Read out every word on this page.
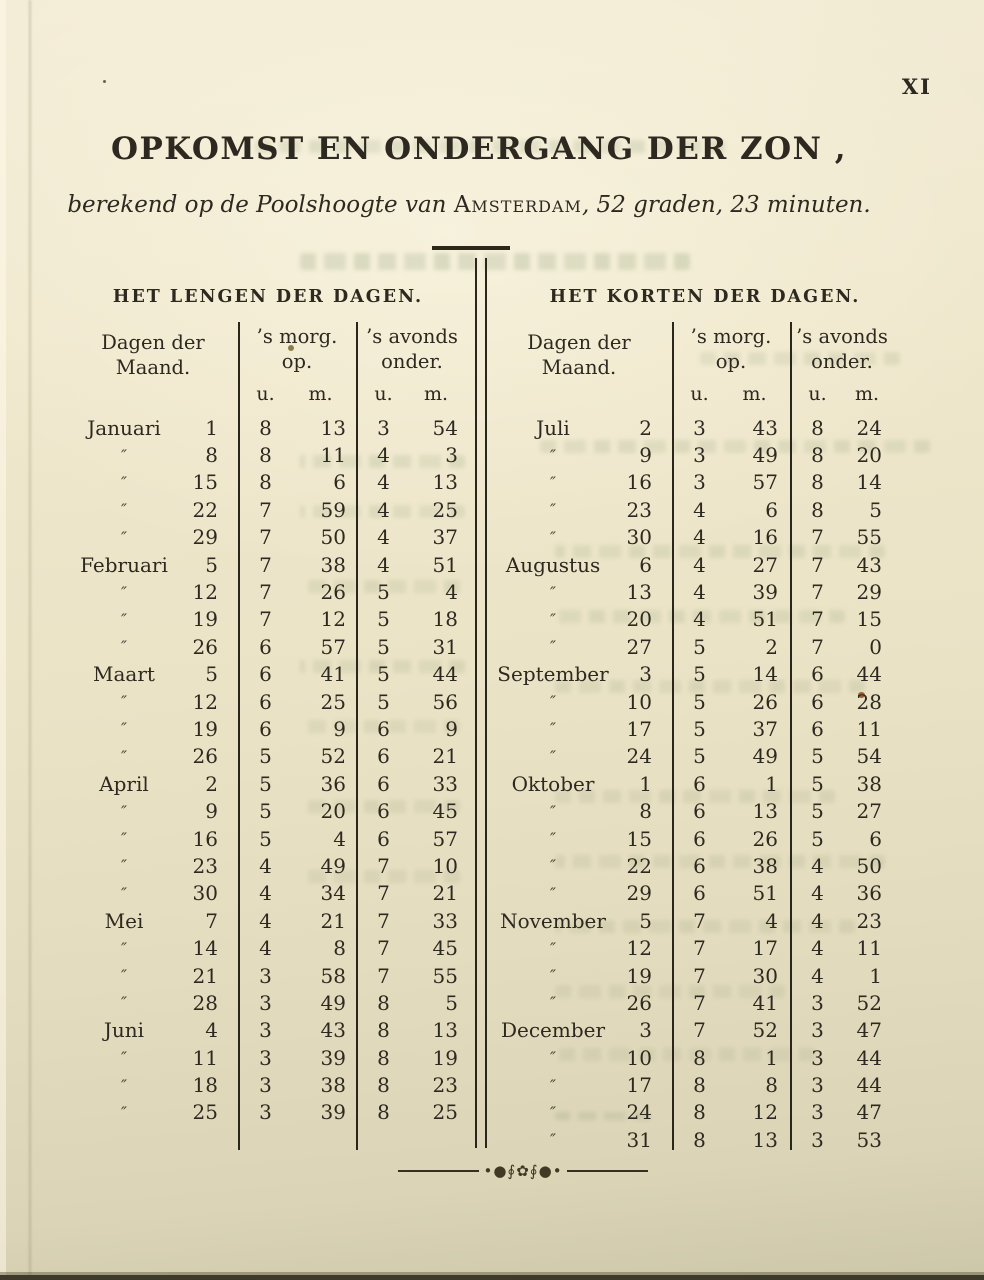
XI
OPKOMST EN ONDERGANG DER ZON ,
berekend op de Poolshoogte van Amsterdam, 52 graden, 23 minuten.
HET LENGEN DER DAGEN.	HET KORTEN DER DAGEN.
Dagen der
Maand.
’s morg.
op.
’s avonds
onder.
u.	m.	u.	m.
Januari	1	8	13	3	54
″	8	8	11	4	3
″	15	8	6	4	13
″	22	7	59	4	25
″	29	7	50	4	37
Februari	5	7	38	4	51
″	12	7	26	5	4
″	19	7	12	5	18
″	26	6	57	5	31
Maart	5	6	41	5	44
″	12	6	25	5	56
″	19	6	9	6	9
″	26	5	52	6	21
April	2	5	36	6	33
″	9	5	20	6	45
″	16	5	4	6	57
″	23	4	49	7	10
″	30	4	34	7	21
Mei	7	4	21	7	33
″	14	4	8	7	45
″	21	3	58	7	55
″	28	3	49	8	5
Juni	4	3	43	8	13
″	11	3	39	8	19
″	18	3	38	8	23
″	25	3	39	8	25
Dagen der
Maand.
’s morg.
op.
’s avonds
onder.
u.	m.	u.	m.
Juli	2	3	43	8	24
″	9	3	49	8	20
″	16	3	57	8	14
″	23	4	6	8	5
″	30	4	16	7	55
Augustus	6	4	27	7	43
″	13	4	39	7	29
″	20	4	51	7	15
″	27	5	2	7	0
September	3	5	14	6	44
″	10	5	26	6	28
″	17	5	37	6	11
″	24	5	49	5	54
Oktober	1	6	1	5	38
″	8	6	13	5	27
″	15	6	26	5	6
″	22	6	38	4	50
″	29	6	51	4	36
November	5	7	4	4	23
″	12	7	17	4	11
″	19	7	30	4	1
″	26	7	41	3	52
December	3	7	52	3	47
″	10	8	1	3	44
″	17	8	8	3	44
″	24	8	12	3	47
″	31	8	13	3	53
•●∮✿∮●•
